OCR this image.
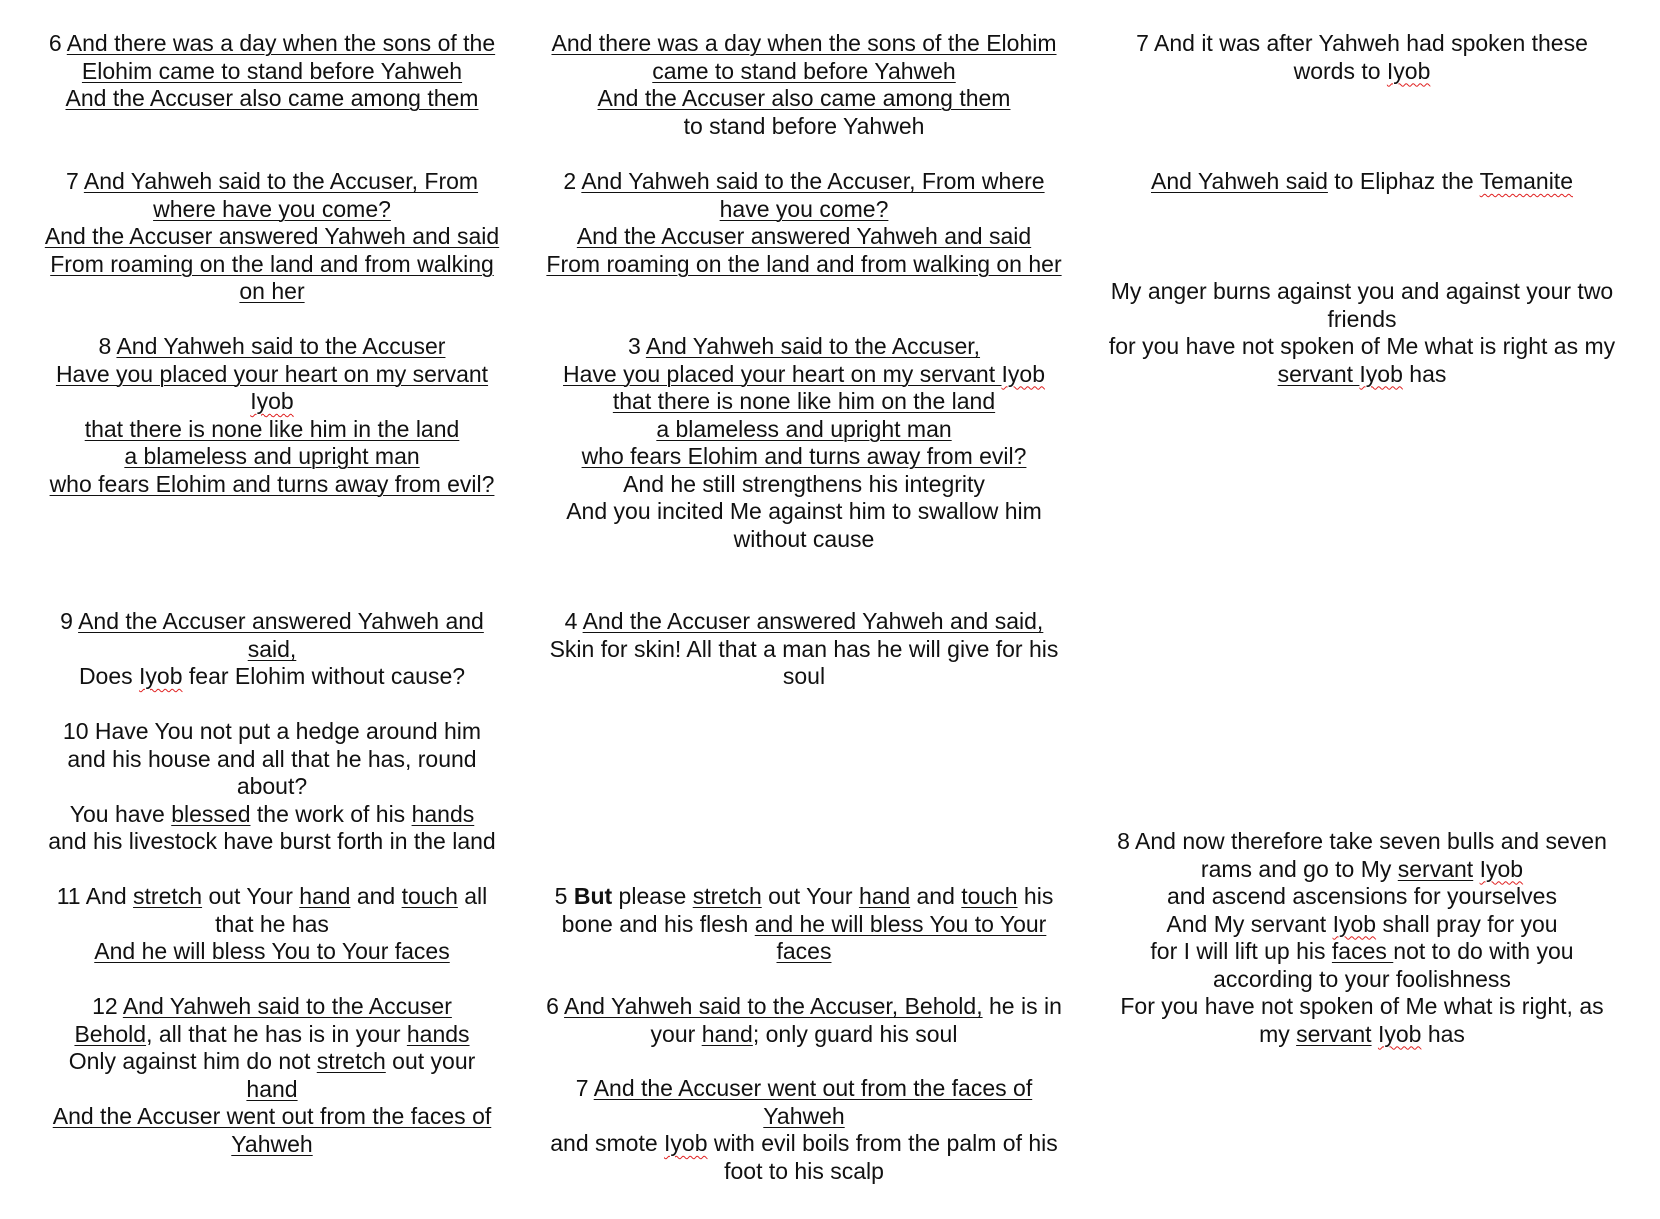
6 And there was a day when the sons of the
Elohim came to stand before Yahweh
And the Accuser also came among them
7 And Yahweh said to the Accuser, From
where have you come?
And the Accuser answered Yahweh and said
From roaming on the land and from walking
on her
8 And Yahweh said to the Accuser
Have you placed your heart on my servant
Iyob
that there is none like him in the land
a blameless and upright man
who fears Elohim and turns away from evil?
9 And the Accuser answered Yahweh and
said,
Does Iyob fear Elohim without cause?
10 Have You not put a hedge around him
and his house and all that he has, round
about?
You have blessed the work of his hands
and his livestock have burst forth in the land
11 And stretch out Your hand and touch all
that he has
And he will bless You to Your faces
12 And Yahweh said to the Accuser
Behold, all that he has is in your hands
Only against him do not stretch out your
hand
And the Accuser went out from the faces of
Yahweh
And there was a day when the sons of the Elohim
came to stand before Yahweh
And the Accuser also came among them
to stand before Yahweh
2 And Yahweh said to the Accuser, From where
have you come?
And the Accuser answered Yahweh and said
From roaming on the land and from walking on her
3 And Yahweh said to the Accuser,
Have you placed your heart on my servant Iyob
that there is none like him on the land
a blameless and upright man
who fears Elohim and turns away from evil?
And he still strengthens his integrity
And you incited Me against him to swallow him
without cause
4 And the Accuser answered Yahweh and said,
Skin for skin! All that a man has he will give for his
soul
5 But please stretch out Your hand and touch his
bone and his flesh and he will bless You to Your
faces
6 And Yahweh said to the Accuser, Behold, he is in
your hand; only guard his soul
7 And the Accuser went out from the faces of
Yahweh
and smote Iyob with evil boils from the palm of his
foot to his scalp
7 And it was after Yahweh had spoken these
words to Iyob
And Yahweh said to Eliphaz the Temanite
My anger burns against you and against your two
friends
for you have not spoken of Me what is right as my
servant Iyob has
8 And now therefore take seven bulls and seven
rams and go to My servant Iyob
and ascend ascensions for yourselves
And My servant Iyob shall pray for you
for I will lift up his faces not to do with you
according to your foolishness
For you have not spoken of Me what is right, as
my servant Iyob has
